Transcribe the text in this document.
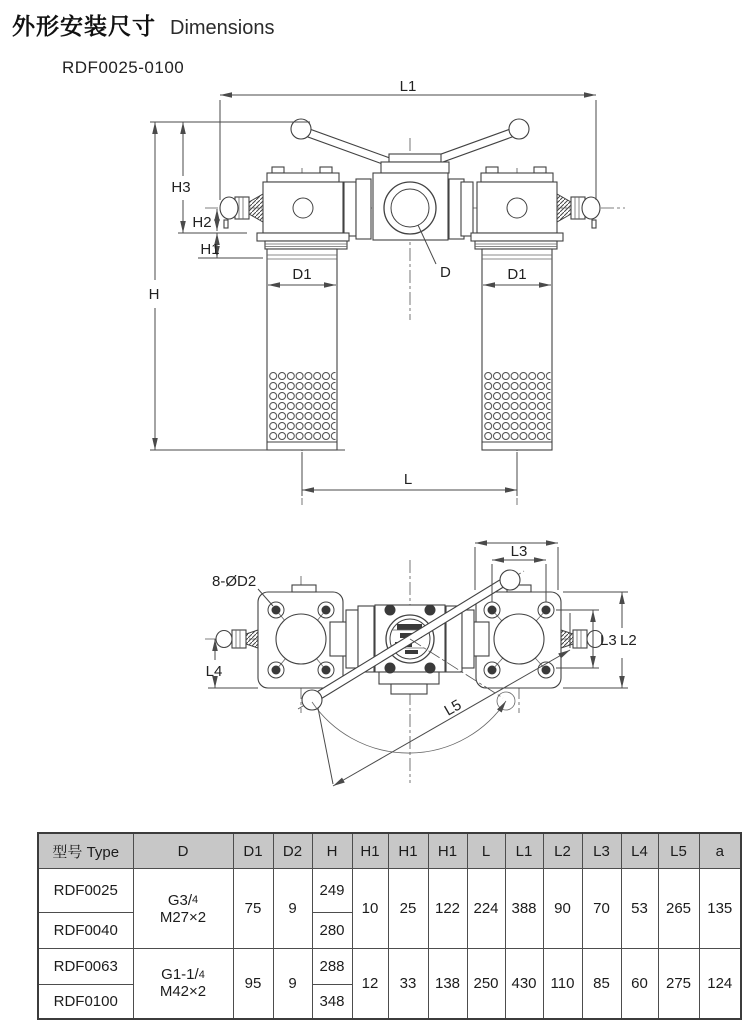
外形安装尺寸 Dimensions
RDF0025-0100
L1
H
H3
H2
H1
D1	D1
D
L
8-ØD2
L3
L3 L2
L4
L5
型号 Type	D	D1	D2	H	H1	H1	H1	L	L1	L2	L3	L4	L5	a
RDF0025	G3/ 4
M27×2	75	9	249	10	25	122	224	388	90	70	53	265	135
RDF0040				280										
RDF0063	G1-1/ 4
M42×2	95	9	288	12	33	138	250	430	110	85	60	275	124
RDF0100				348										
